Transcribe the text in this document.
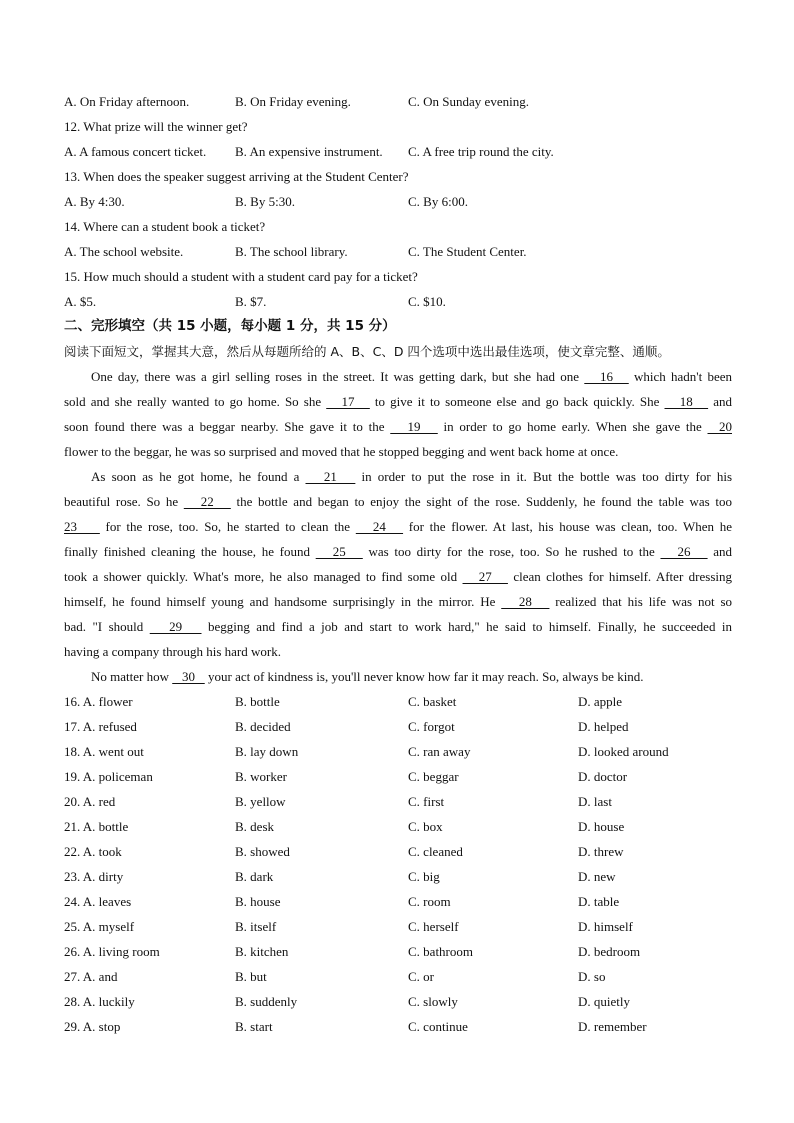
A. On Friday afternoon.	B. On Friday evening.	C. On Sunday evening.
12. What prize will the winner get?
A. A famous concert ticket. B. An expensive instrument. C. A free trip round the city.
13. When does the speaker suggest arriving at the Student Center?
A. By 4:30.	B. By 5:30.	C. By 6:00.
14. Where can a student book a ticket?
A. The school website.	B. The school library.	C. The Student Center.
15. How much should a student with a student card pay for a ticket?
A. $5.	B. $7.	C. $10.
二、完形填空（共 15 小题，每小题 1 分，共 15 分）
阅读下面短文，掌握其大意，然后从每题所给的 A、B、C、D 四个选项中选出最佳选项，使文章完整、通顺。
One day, there was a girl selling roses in the street. It was getting dark, but she had one    16    which hadn't been
sold and she really wanted to go home. So she    17    to give it to someone else and go back quickly. She    18    and
soon found there was a beggar nearby. She gave it to the    19    in order to go home early. When she gave the   20
flower to the beggar, he was so surprised and moved that he stopped begging and went back home at once.
As soon as he got home, he found a    21    in order to put the rose in it. But the bottle was too dirty for his
beautiful rose. So he    22    the bottle and began to enjoy the sight of the rose. Suddenly, he found the table was too
23     for the rose, too. So, he started to clean the    24    for the flower. At last, his house was clean, too. When he
finally finished cleaning the house, he found    25    was too dirty for the rose, too. So he rushed to the    26    and
took a shower quickly. What's more, he also managed to find some old    27    clean clothes for himself. After dressing
himself, he found himself young and handsome surprisingly in the mirror. He    28    realized that his life was not so
bad. "I should    29    begging and find a job and start to work hard," he said to himself. Finally, he succeeded in
having a company through his hard work.
No matter how    30    your act of kindness is, you'll never know how far it may reach. So, always be kind.
16. A. flower	B. bottle	C. basket	D. apple
17. A. refused	B. decided	C. forgot	D. helped
18. A. went out	B. lay down	C. ran away	D. looked around
19. A. policeman	B. worker	C. beggar	D. doctor
20. A. red	B. yellow	C. first	D. last
21. A. bottle	B. desk	C. box	D. house
22. A. took	B. showed	C. cleaned	D. threw
23. A. dirty	B. dark	C. big	D. new
24. A. leaves	B. house	C. room	D. table
25. A. myself	B. itself	C. herself	D. himself
26. A. living room	B. kitchen	C. bathroom	D. bedroom
27. A. and	B. but	C. or	D. so
28. A. luckily	B. suddenly	C. slowly	D. quietly
29. A. stop	B. start	C. continue	D. remember
